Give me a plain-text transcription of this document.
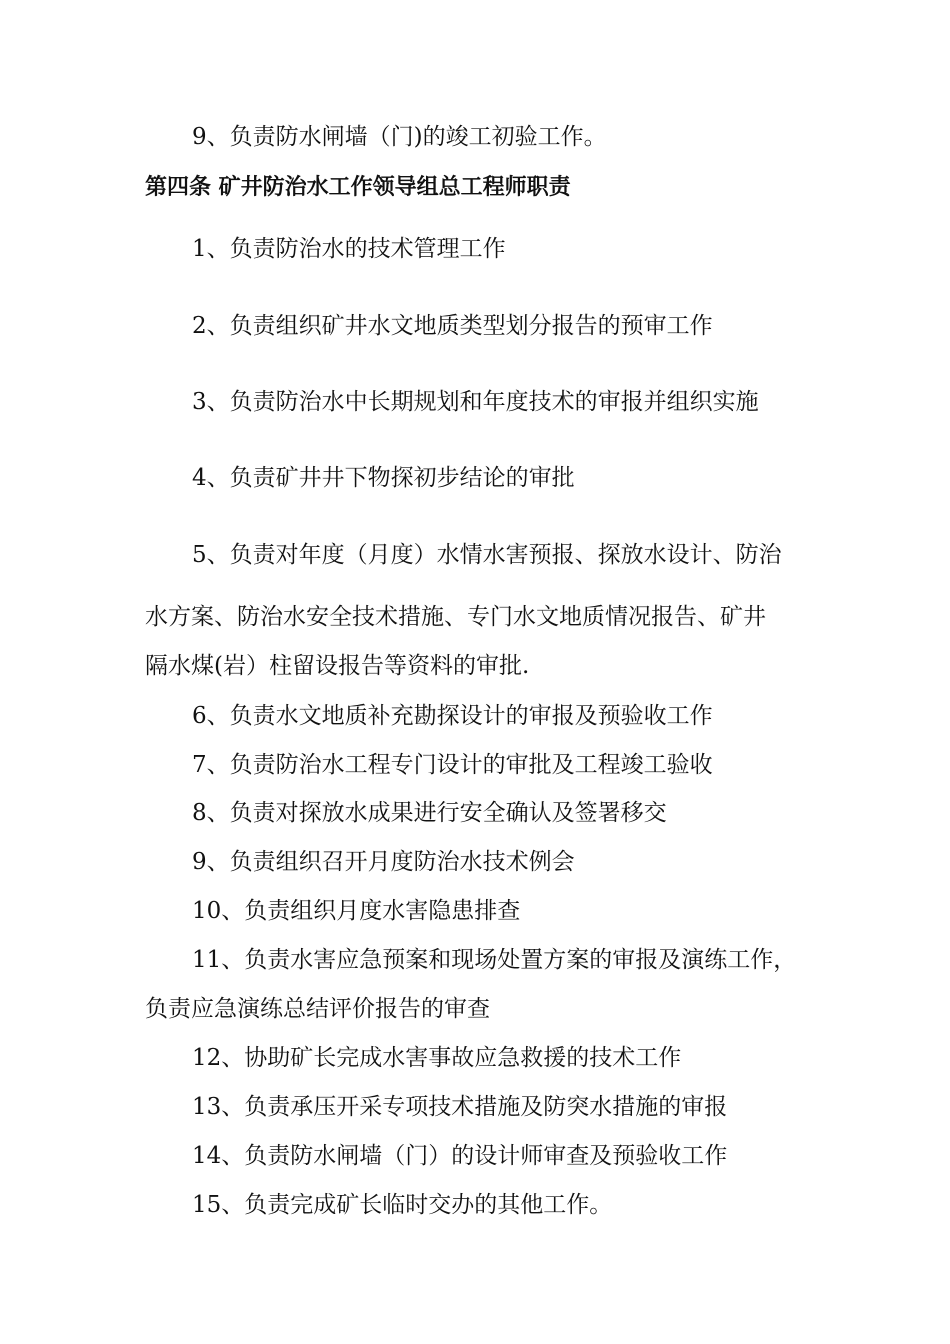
9、负责防水闸墙（门)的竣工初验工作。
第四条 矿井防治水工作领导组总工程师职责
1、负责防治水的技术管理工作
2、负责组织矿井水文地质类型划分报告的预审工作
3、负责防治水中长期规划和年度技术的审报并组织实施
4、负责矿井井下物探初步结论的审批
5、负责对年度（月度）水情水害预报、探放水设计、防治
水方案、防治水安全技术措施、专门水文地质情况报告、矿井
隔水煤(岩）柱留设报告等资料的审批.
6、负责水文地质补充勘探设计的审报及预验收工作
7、负责防治水工程专门设计的审批及工程竣工验收
8、负责对探放水成果进行安全确认及签署移交
9、负责组织召开月度防治水技术例会
10、负责组织月度水害隐患排查
11、负责水害应急预案和现场处置方案的审报及演练工作，
负责应急演练总结评价报告的审查
12、协助矿长完成水害事故应急救援的技术工作
13、负责承压开采专项技术措施及防突水措施的审报
14、负责防水闸墙（门）的设计师审查及预验收工作
15、负责完成矿长临时交办的其他工作。
